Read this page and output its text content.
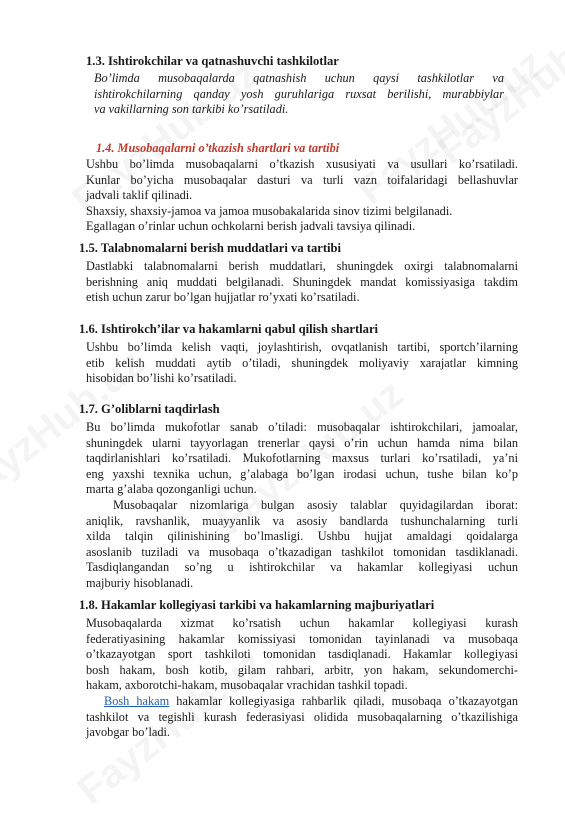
1.3. Ishtirokchilar va qatnashuvchi tashkilotlar
Bo’limda musobaqalarda qatnashish uchun qaysi tashkilotlar va
ishtirokchilarning qanday yosh guruhlariga ruxsat berilishi, murabbiylar
va vakillarning son tarkibi ko’rsatiladi.
1.4. Musobaqalarni o’tkazish shartlari va tartibi
Ushbu bo’limda musobaqalarni o’tkazish xususiyati va usullari ko’rsatiladi.
Kunlar bo’yicha musobaqalar dasturi va turli vazn toifalaridagi bellashuvlar
jadvali taklif qilinadi.
Shaxsiy, shaxsiy-jamoa va jamoa musobakalarida sinov tizimi belgilanadi.
Egallagan o’rinlar uchun ochkolarni berish jadvali tavsiya qilinadi.
1.5. Talabnomalarni berish muddatlari va tartibi
Dastlabki talabnomalarni berish muddatlari, shuningdek oxirgi talabnomalarni
berishning aniq muddati belgilanadi. Shuningdek mandat komissiyasiga takdim
etish uchun zarur bo’lgan hujjatlar ro’yxati ko’rsatiladi.
1.6. Ishtirokch’ilar va hakamlarni qabul qilish shartlari
Ushbu bo’limda kelish vaqti, joylashtirish, ovqatlanish tartibi, sportch’ilarning
etib kelish muddati aytib o’tiladi, shuningdek moliyaviy xarajatlar kimning
hisobidan bo’lishi ko’rsatiladi.
1.7. G’oliblarni taqdirlash
Bu bo’limda mukofotlar sanab o’tiladi: musobaqalar ishtirokchilari, jamoalar,
shuningdek ularni tayyorlagan trenerlar qaysi o’rin uchun hamda nima bilan
taqdirlanishlari ko’rsatiladi. Mukofotlarning maxsus turlari ko’rsatiladi, ya’ni
eng yaxshi texnika uchun, g’alabaga bo’lgan irodasi uchun, tushe bilan ko’p
marta g’alaba qozonganligi uchun.
Musobaqalar nizomlariga bulgan asosiy talablar quyidagilardan iborat:
aniqlik, ravshanlik, muayyanlik va asosiy bandlarda tushunchalarning turli
xilda talqin qilinishining bo’lmasligi. Ushbu hujjat amaldagi qoidalarga
asoslanib tuziladi va musobaqa o’tkazadigan tashkilot tomonidan tasdiklanadi.
Tasdiqlangandan so’ng u ishtirokchilar va hakamlar kollegiyasi uchun
majburiy hisoblanadi.
1.8. Hakamlar kollegiyasi tarkibi va hakamlarning majburiyatlari
Musobaqalarda xizmat ko’rsatish uchun hakamlar kollegiyasi kurash
federatiyasining hakamlar komissiyasi tomonidan tayinlanadi va musobaqa
o’tkazayotgan sport tashkiloti tomonidan tasdiqlanadi. Hakamlar kollegiyasi
bosh hakam, bosh kotib, gilam rahbari, arbitr, yon hakam, sekundomerchi-
hakam, axborotchi-hakam, musobaqalar vrachidan tashkil topadi.
Bosh hakam hakamlar kollegiyasiga rahbarlik qiladi, musobaqa o’tkazayotgan
tashkilot va tegishli kurash federasiyasi olidida musobaqalarning o’tkazilishiga
javobgar bo’ladi.
